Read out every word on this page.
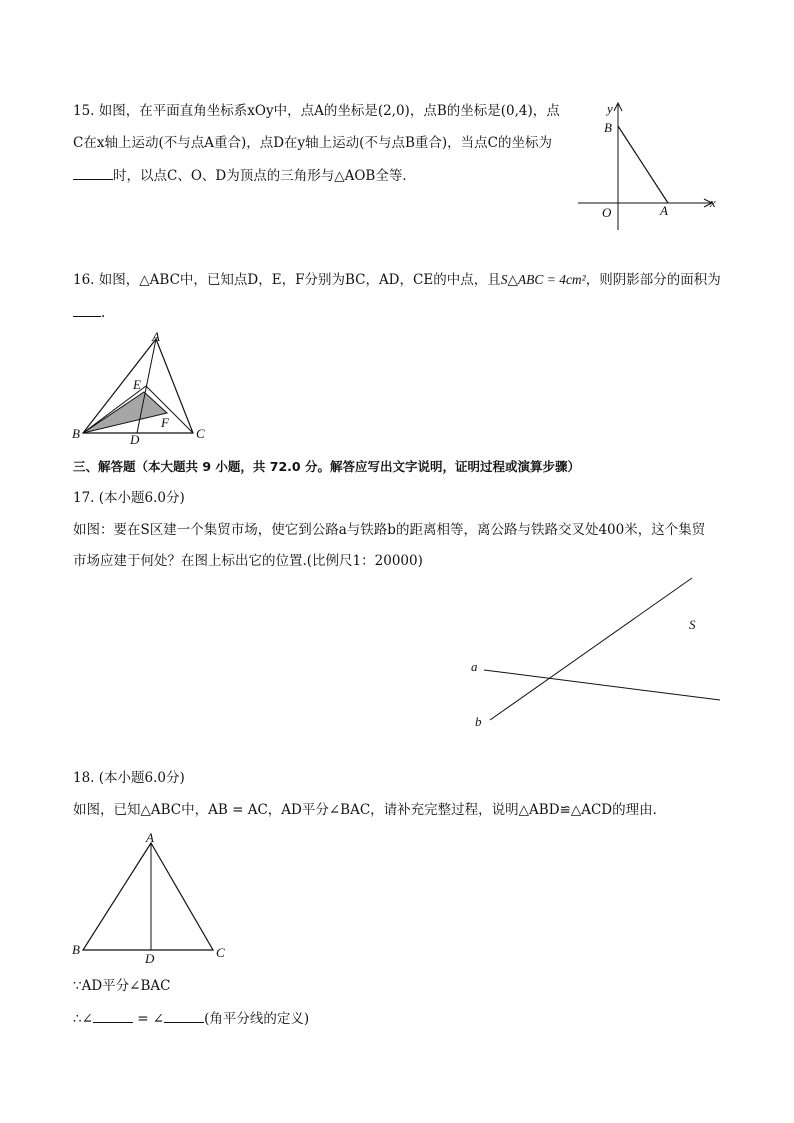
15. 如图，在平面直角坐标系xOy中，点A的坐标是(2,0)，点B的坐标是(0,4)，点
C在x轴上运动(不与点A重合)，点D在y轴上运动(不与点B重合)，当点C的坐标为
时，以点C、O、D为顶点的三角形与△AOB全等．
y
B
O	A
x
16. 如图，△ABC中，已知点D，E，F分别为BC，AD，CE的中点，且S△ABC = 4cm²，则阴影部分的面积为
.
A
E
F
B	D	C
三、解答题（本大题共 9 小题，共 72.0 分。解答应写出文字说明，证明过程或演算步骤）
17. (本小题6.0分)
如图：要在S区建一个集贸市场，使它到公路a与铁路b的距离相等，离公路与铁路交叉处400米，这个集贸
市场应建于何处？在图上标出它的位置.(比例尺1：20000)
a
b
S
18. (本小题6.0分)
如图，已知△ABC中，AB = AC，AD平分∠BAC，请补充完整过程，说明△ABD≌△ACD的理由．
A
B	C
D
∵AD平分∠BAC
∴∠	= ∠	(角平分线的定义)
